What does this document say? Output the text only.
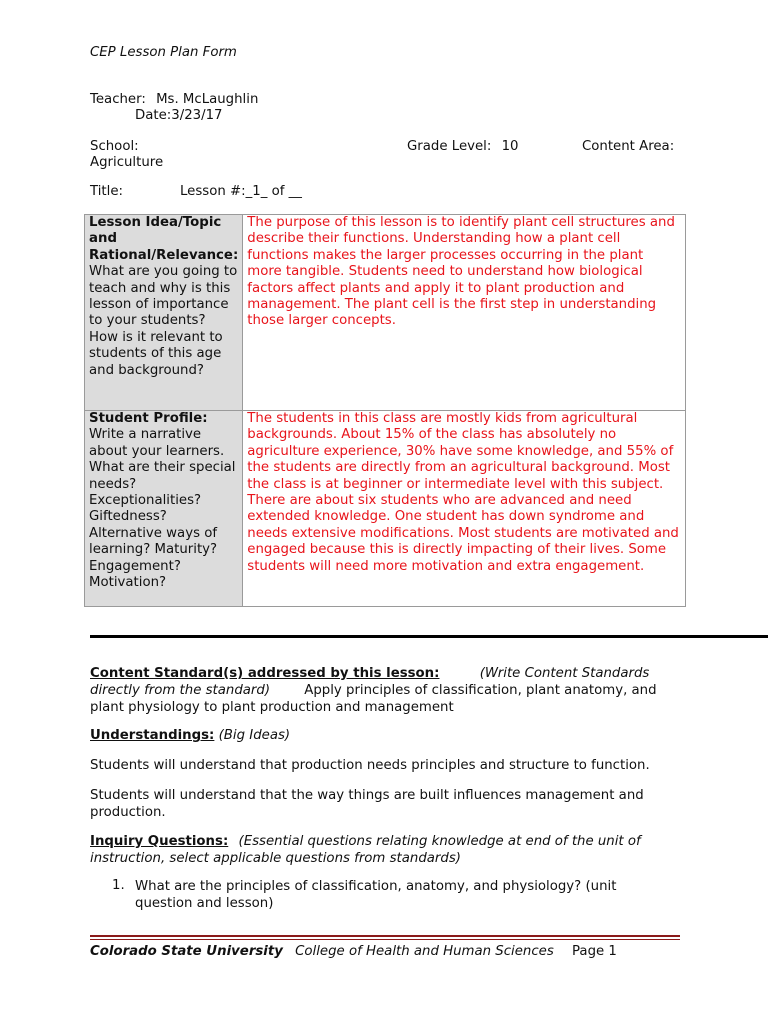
CEP Lesson Plan Form
Teacher: Ms. McLaughlin
Date:3/23/17
School:	Grade Level: 10	Content Area:
Agriculture
Title:	Lesson #:_1_ of __
Lesson Idea/Topic and Rational/Relevance: What are you going to teach and why is this lesson of importance to your students? How is it relevant to students of this age and background?	The purpose of this lesson is to identify plant cell structures and describe their functions. Understanding how a plant cell functions makes the larger processes occurring in the plant more tangible. Students need to understand how biological factors affect plants and apply it to plant production and management. The plant cell is the first step in understanding those larger concepts.
Student Profile: Write a narrative about your learners. What are their special needs? Exceptionalities? Giftedness? Alternative ways of learning? Maturity? Engagement? Motivation?	The students in this class are mostly kids from agricultural backgrounds. About 15% of the class has absolutely no agriculture experience, 30% have some knowledge, and 55% of the students are directly from an agricultural background. Most the class is at beginner or intermediate level with this subject. There are about six students who are advanced and need extended knowledge. One student has down syndrome and needs extensive modifications. Most students are motivated and engaged because this is directly impacting of their lives. Some students will need more motivation and extra engagement.
Content Standard(s) addressed by this lesson:	(Write Content Standards directly from the standard)	Apply principles of classification, plant anatomy, and plant physiology to plant production and management
Understandings: (Big Ideas)
Students will understand that production needs principles and structure to function.
Students will understand that the way things are built influences management and production.
Inquiry Questions: (Essential questions relating knowledge at end of the unit of instruction, select applicable questions from standards)
1. What are the principles of classification, anatomy, and physiology? (unit question and lesson)
Colorado State University College of Health and Human Sciences Page 1
